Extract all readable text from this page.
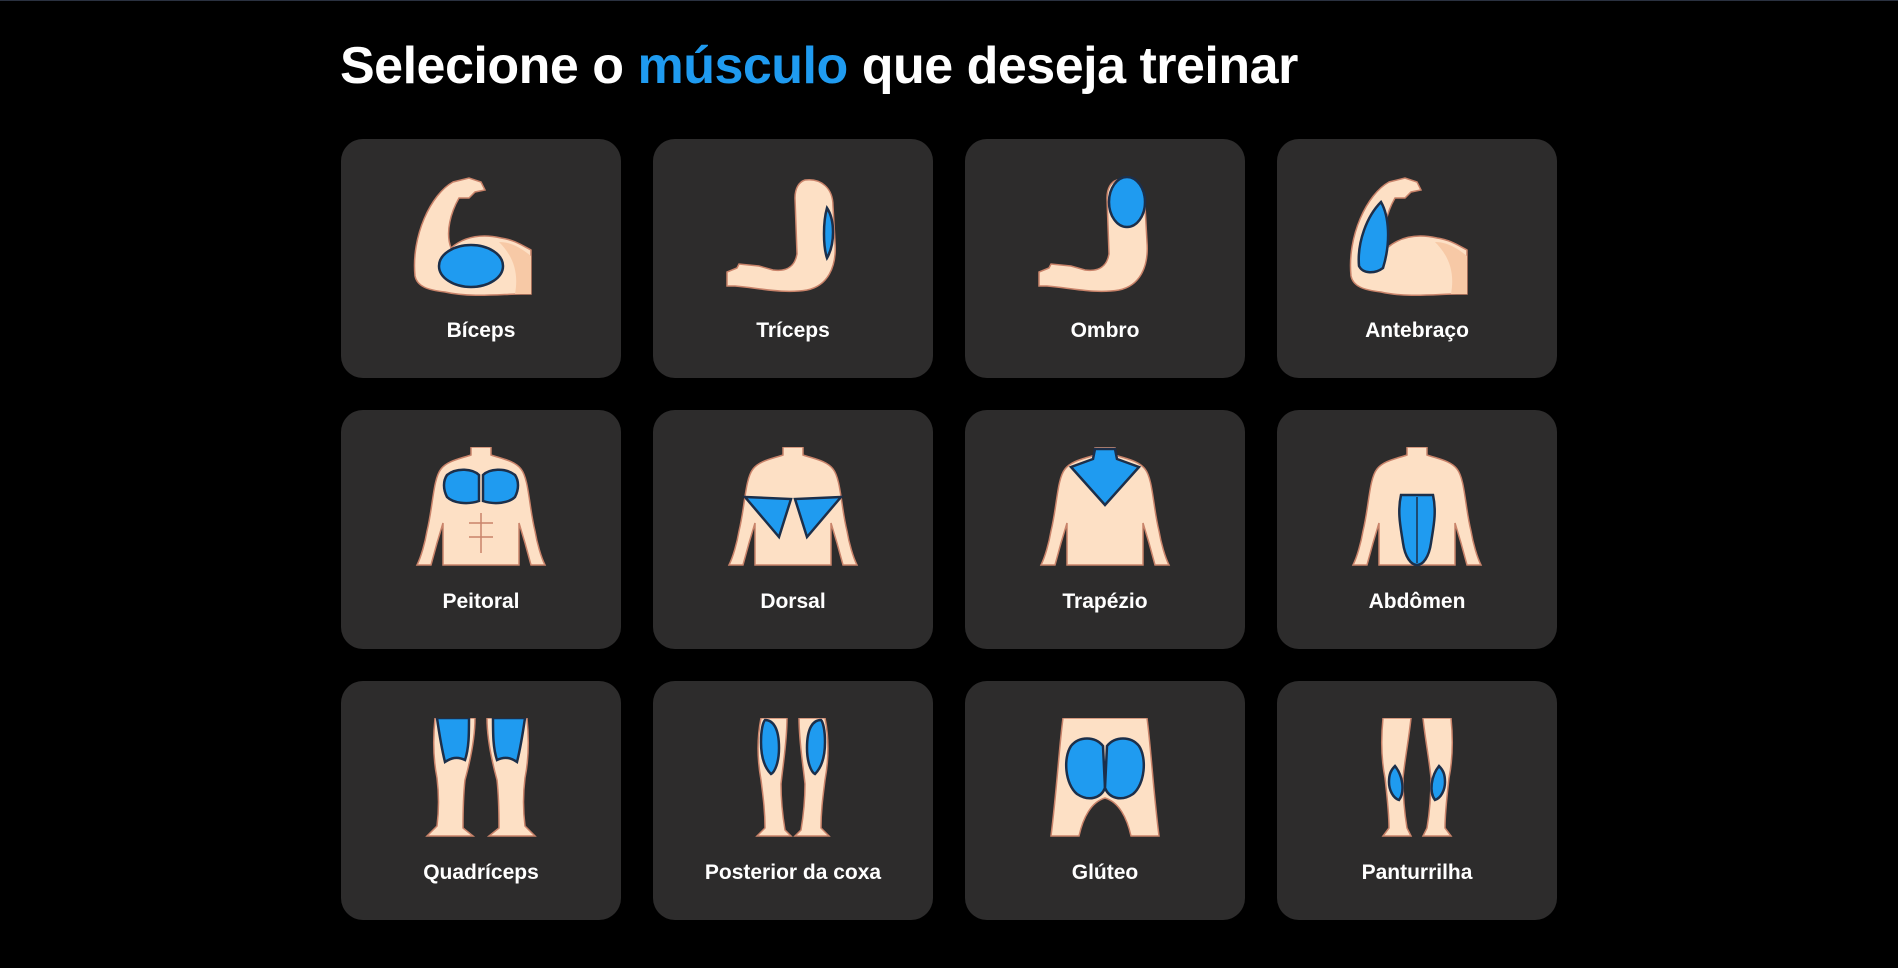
Selecione o músculo que deseja treinar
Bíceps	Tríceps	Ombro	Antebraço
Peitoral	Dorsal	Trapézio	Abdômen
Quadríceps	Posterior da coxa	Glúteo	Panturrilha
